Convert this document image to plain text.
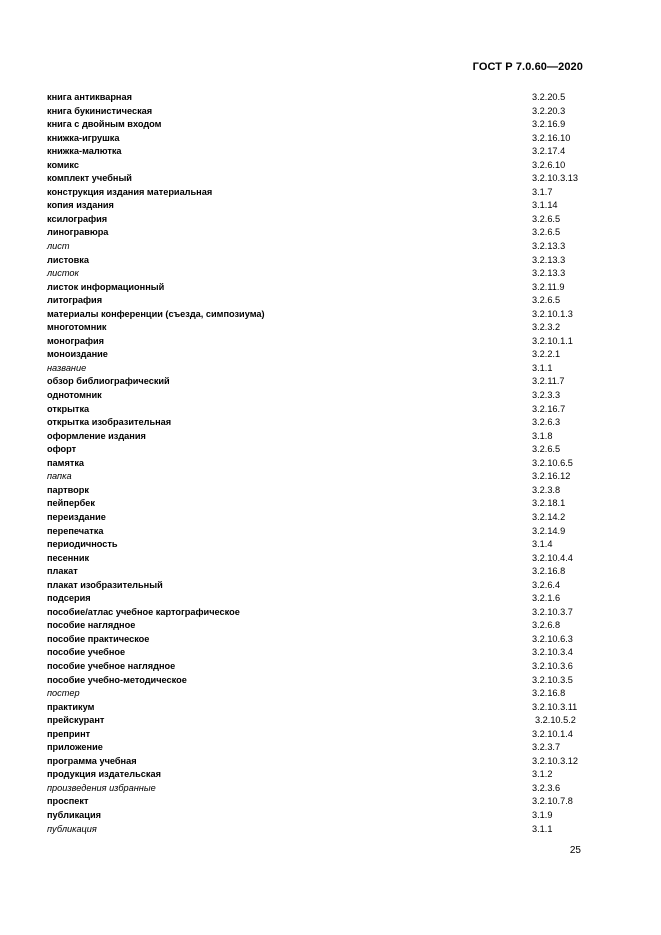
ГОСТ Р 7.0.60—2020
книга антикварная	3.2.20.5
книга букинистическая	3.2.20.3
книга с двойным входом	3.2.16.9
книжка-игрушка	3.2.16.10
книжка-малютка	3.2.17.4
комикс	3.2.6.10
комплект учебный	3.2.10.3.13
конструкция издания материальная	3.1.7
копия издания	3.1.14
ксилография	3.2.6.5
линогравюра	3.2.6.5
лист	3.2.13.3
листовка	3.2.13.3
листок	3.2.13.3
листок информационный	3.2.11.9
литография	3.2.6.5
материалы конференции (съезда, симпозиума)	3.2.10.1.3
многотомник	3.2.3.2
монография	3.2.10.1.1
моноиздание	3.2.2.1
название	3.1.1
обзор библиографический	3.2.11.7
однотомник	3.2.3.3
открытка	3.2.16.7
открытка изобразительная	3.2.6.3
оформление издания	3.1.8
офорт	3.2.6.5
памятка	3.2.10.6.5
папка	3.2.16.12
партворк	3.2.3.8
пейпербек	3.2.18.1
переиздание	3.2.14.2
перепечатка	3.2.14.9
периодичность	3.1.4
песенник	3.2.10.4.4
плакат	3.2.16.8
плакат изобразительный	3.2.6.4
подсерия	3.2.1.6
пособие/атлас учебное картографическое	3.2.10.3.7
пособие наглядное	3.2.6.8
пособие практическое	3.2.10.6.3
пособие учебное	3.2.10.3.4
пособие учебное наглядное	3.2.10.3.6
пособие учебно-методическое	3.2.10.3.5
постер	3.2.16.8
практикум	3.2.10.3.11
прейскурант	3.2.10.5.2
препринт	3.2.10.1.4
приложение	3.2.3.7
программа учебная	3.2.10.3.12
продукция издательская	3.1.2
произведения избранные	3.2.3.6
проспект	3.2.10.7.8
публикация	3.1.9
публикация	3.1.1
25
